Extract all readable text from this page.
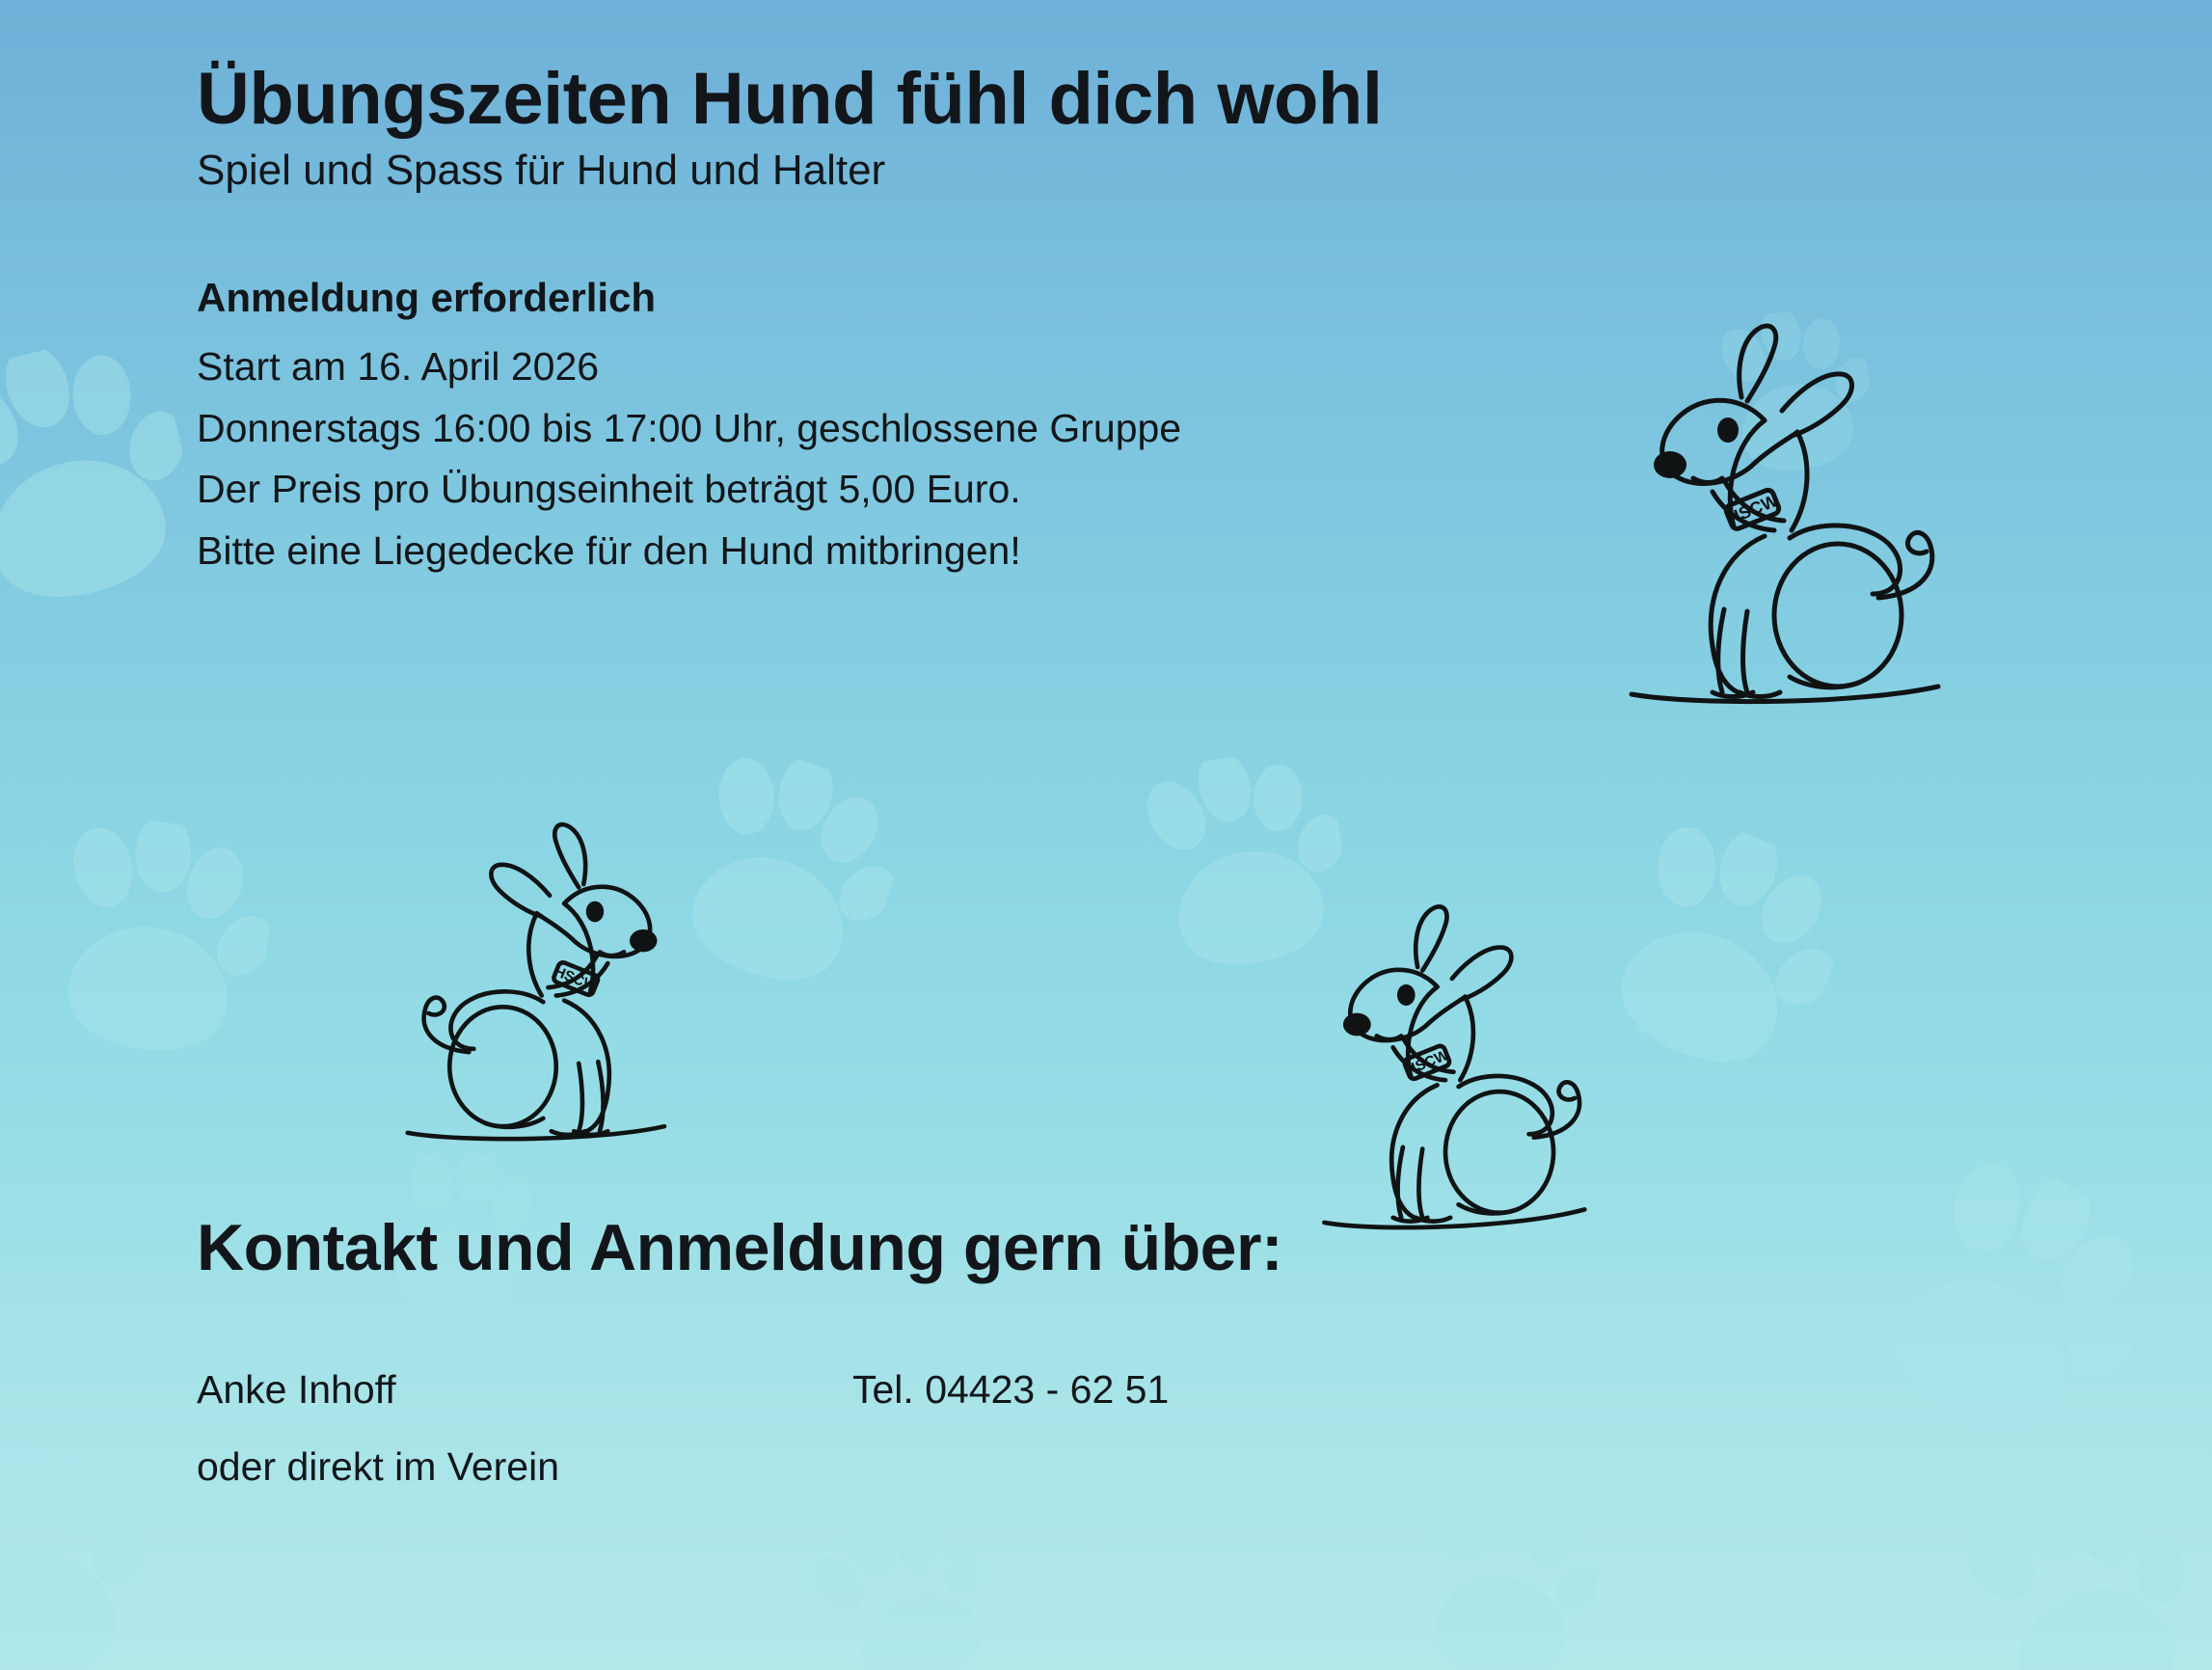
Übungszeiten Hund fühl dich wohl

Spiel und Spass für Hund und Halter

Anmeldung erforderlich
Start am 16. April 2026
Donnerstags 16:00 bis 17:00 Uhr, geschlossene Gruppe
Der Preis pro Übungseinheit beträgt 5,00 Euro.
Bitte eine Liegedecke für den Hund mitbringen!
Kontakt und Anmeldung gern über:
Anke Inhoff	Tel. 04423 - 62 51
oder direkt im Verein
HSCW
HSCW
HSCW
